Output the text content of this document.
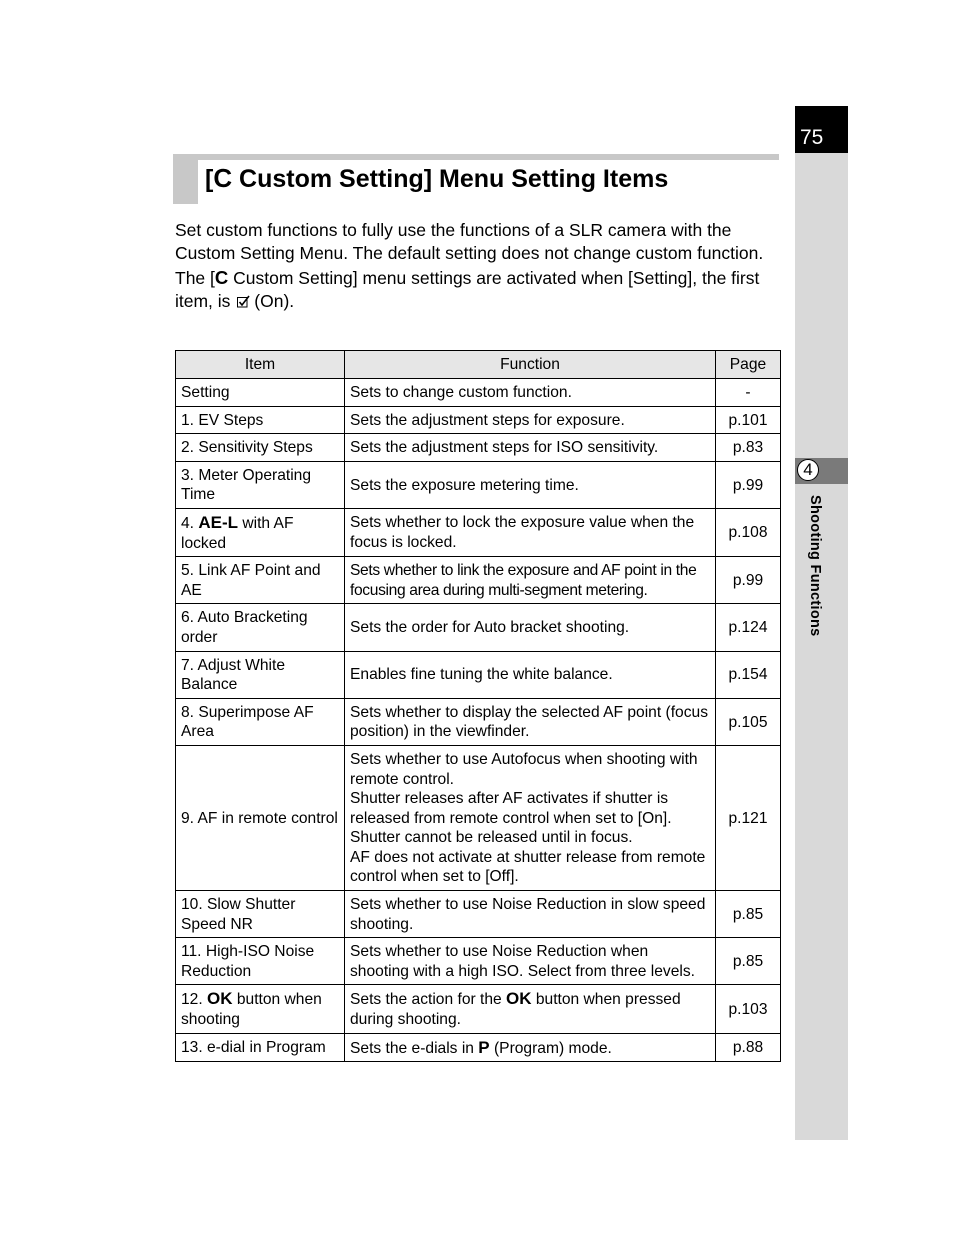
75
4
Shooting Functions
[C Custom Setting] Menu Setting Items

Set custom functions to fully use the functions of a SLR camera with the Custom Setting Menu. The default setting does not change custom function.

The [C Custom Setting] menu settings are activated when [Setting], the first item, is (On).

Item	Function	Page
Setting	Sets to change custom function.	-
1. EV Steps	Sets the adjustment steps for exposure.	p.101
2. Sensitivity Steps	Sets the adjustment steps for ISO sensitivity.	p.83
3. Meter Operating Time	Sets the exposure metering time.	p.99
4. AE-L with AF locked	Sets whether to lock the exposure value when the focus is locked.	p.108
5. Link AF Point and AE	Sets whether to link the exposure and AF point in the focusing area during multi-segment metering.	p.99
6. Auto Bracketing order	Sets the order for Auto bracket shooting.	p.124
7. Adjust White Balance	Enables fine tuning the white balance.	p.154
8. Superimpose AF Area	Sets whether to display the selected AF point (focus position) in the viewfinder.	p.105
9. AF in remote control	Sets whether to use Autofocus when shooting with remote control.
Shutter releases after AF activates if shutter is released from remote control when set to [On]. Shutter cannot be released until in focus.
AF does not activate at shutter release from remote control when set to [Off].	p.121
10. Slow Shutter Speed NR	Sets whether to use Noise Reduction in slow speed shooting.	p.85
11. High-ISO Noise Reduction	Sets whether to use Noise Reduction when shooting with a high ISO. Select from three levels.	p.85
12. OK button when shooting	Sets the action for the OK button when pressed during shooting.	p.103
13. e-dial in Program	Sets the e-dials in P (Program) mode.	p.88
